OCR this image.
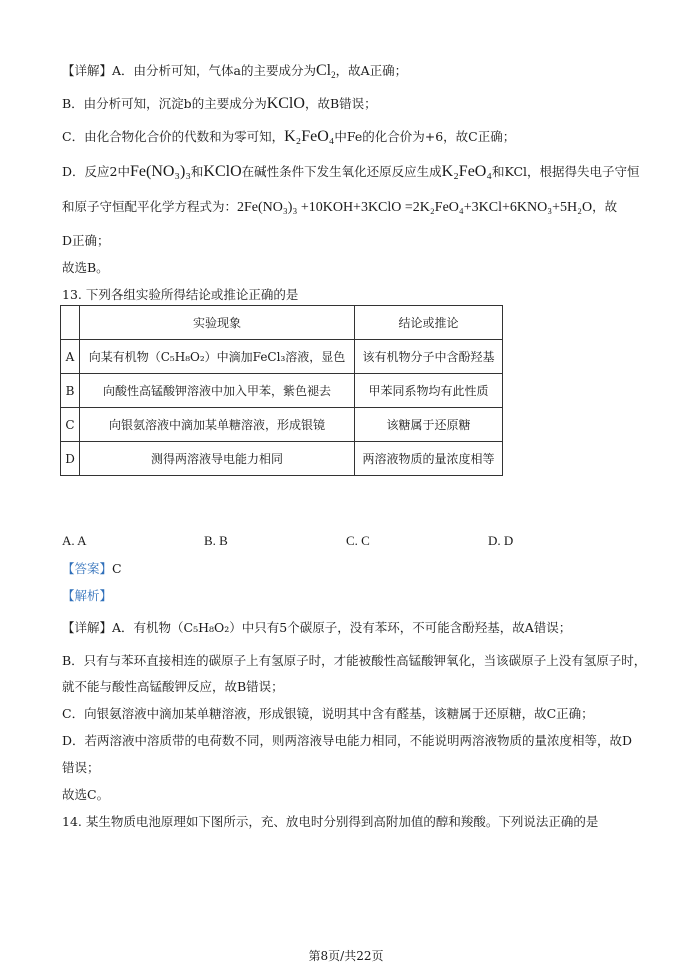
【详解】A．由分析可知，气体a的主要成分为$Cl_2$，故A正确；
B．由分析可知，沉淀b的主要成分为KClO，故B错误；
C．由化合物化合价的代数和为零可知，K₂FeO₄中Fe的化合价为+6，故C正确；
D．反应2中Fe(NO₃)₃和KClO在碱性条件下发生氧化还原反应生成K₂FeO₄和KCl，根据得失电子守恒
和原子守恒配平化学方程式为：2Fe(NO₃)₃ +10KOH+3KClO =2K₂FeO₄+3KCl+6KNO₃+5H₂O，故
D正确；
故选B。
13. 下列各组实验所得结论或推论正确的是
	实验现象	结论或推论
A	向某有机物（C₅H₈O₂）中滴加FeCl₃溶液，显色	该有机物分子中含酚羟基
B	向酸性高锰酸钾溶液中加入甲苯，紫色褪去	甲苯同系物均有此性质
C	向银氨溶液中滴加某单糖溶液，形成银镜	该糖属于还原糖
D	测得两溶液导电能力相同	两溶液物质的量浓度相等
A. A	B. B	C. C	D. D
【答案】C
【解析】
【详解】A．有机物（C₅H₈O₂）中只有5个碳原子，没有苯环，不可能含酚羟基，故A错误；
B．只有与苯环直接相连的碳原子上有氢原子时，才能被酸性高锰酸钾氧化，当该碳原子上没有氢原子时，
就不能与酸性高锰酸钾反应，故B错误；
C．向银氨溶液中滴加某单糖溶液，形成银镜，说明其中含有醛基，该糖属于还原糖，故C正确；
D．若两溶液中溶质带的电荷数不同，则两溶液导电能力相同，不能说明两溶液物质的量浓度相等，故D
错误；
故选C。
14. 某生物质电池原理如下图所示，充、放电时分别得到高附加值的醇和羧酸。下列说法正确的是
第8页/共22页
